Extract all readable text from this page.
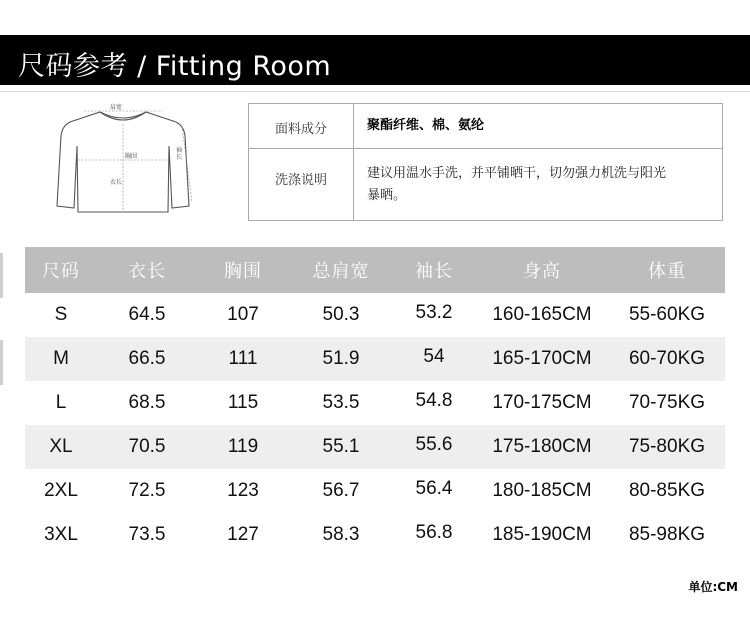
尺码参考 / Fitting Room
肩宽
胸围
衣长
袖长
面料成分	聚酯纤维、棉、氨纶
洗涤说明	建议用温水手洗，并平铺晒干，切勿强力机洗与阳光
暴晒。
尺码	衣长	胸围	总肩宽	袖长	身高	体重
S	64.5	107	50.3	53.2	160-165CM	55-60KG
M	66.5	111	51.9	54	165-170CM	60-70KG
L	68.5	115	53.5	54.8	170-175CM	70-75KG
XL	70.5	119	55.1	55.6	175-180CM	75-80KG
2XL	72.5	123	56.7	56.4	180-185CM	80-85KG
3XL	73.5	127	58.3	56.8	185-190CM	85-98KG
单位:CM
